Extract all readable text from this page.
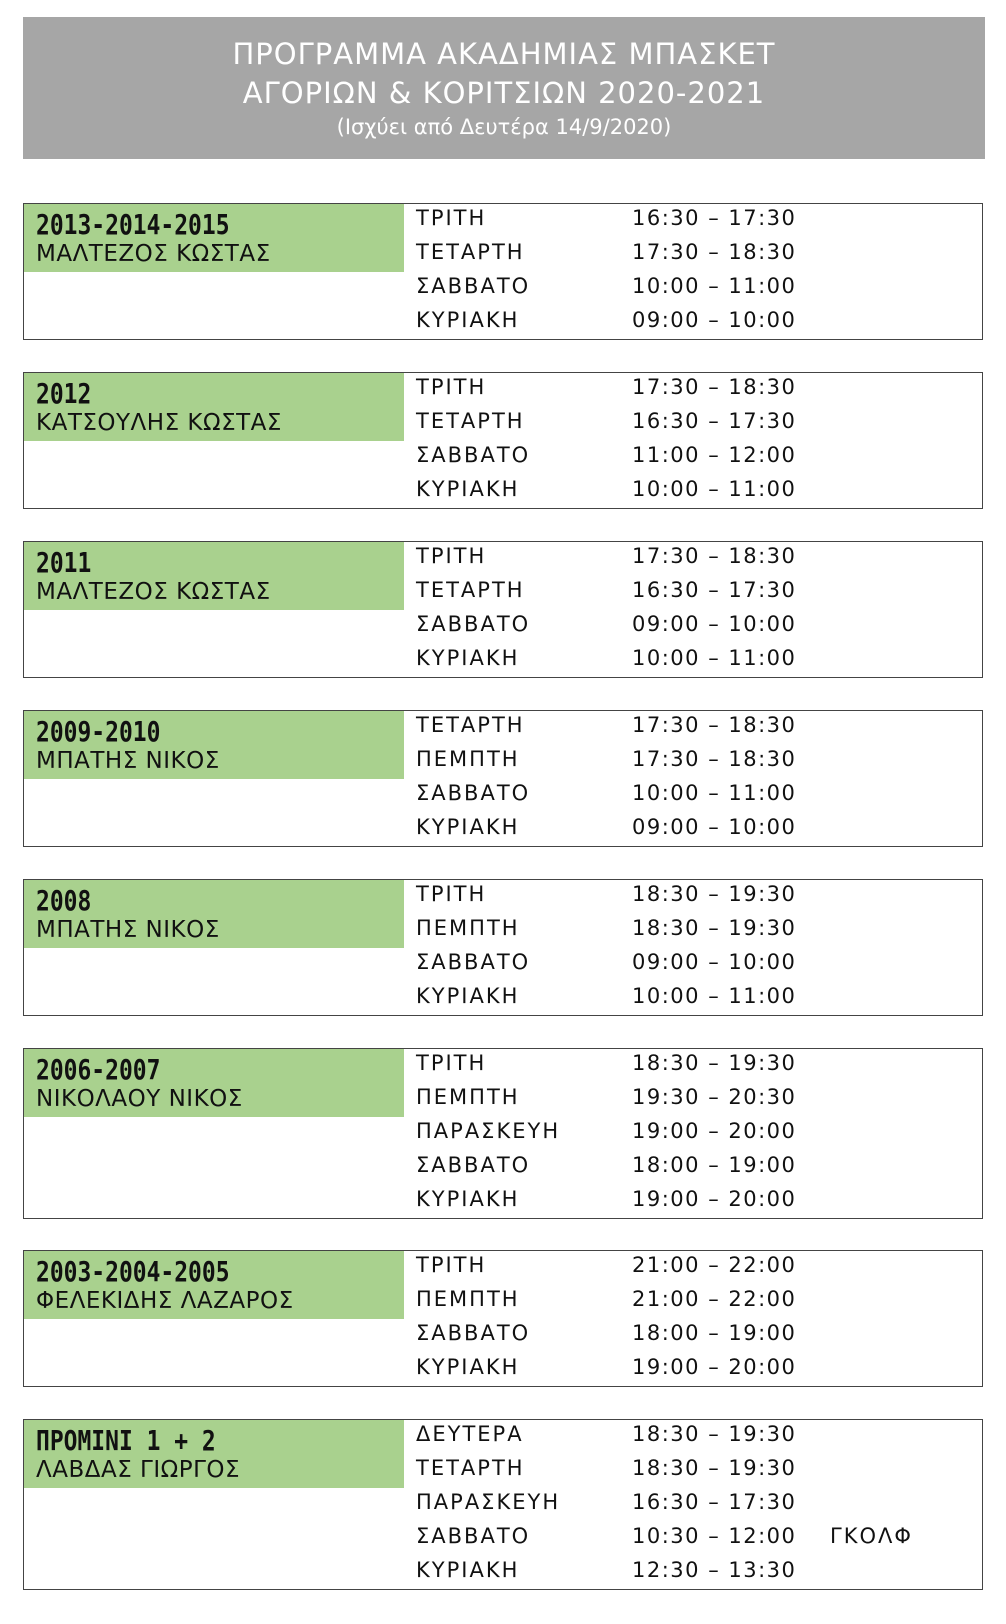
ΠΡΟΓΡΑΜΜΑ ΑΚΑΔΗΜΙΑΣ ΜΠΑΣΚΕΤ
ΑΓΟΡΙΩΝ & ΚΟΡΙΤΣΙΩΝ 2020-2021
(Ισχύει από Δευτέρα 14/9/2020)
2013-2014-2015
ΜΑΛΤΕΖΟΣ ΚΩΣΤΑΣ
ΤΡΙΤΗ	16:30 – 17:30
ΤΕΤΑΡΤΗ	17:30 – 18:30
ΣΑΒΒΑΤΟ	10:00 – 11:00
ΚΥΡΙΑΚΗ	09:00 – 10:00
2012
ΚΑΤΣΟΥΛΗΣ ΚΩΣΤΑΣ
ΤΡΙΤΗ	17:30 – 18:30
ΤΕΤΑΡΤΗ	16:30 – 17:30
ΣΑΒΒΑΤΟ	11:00 – 12:00
ΚΥΡΙΑΚΗ	10:00 – 11:00
2011
ΜΑΛΤΕΖΟΣ ΚΩΣΤΑΣ
ΤΡΙΤΗ	17:30 – 18:30
ΤΕΤΑΡΤΗ	16:30 – 17:30
ΣΑΒΒΑΤΟ	09:00 – 10:00
ΚΥΡΙΑΚΗ	10:00 – 11:00
2009-2010
ΜΠΑΤΗΣ ΝΙΚΟΣ
ΤΕΤΑΡΤΗ	17:30 – 18:30
ΠΕΜΠΤΗ	17:30 – 18:30
ΣΑΒΒΑΤΟ	10:00 – 11:00
ΚΥΡΙΑΚΗ	09:00 – 10:00
2008
ΜΠΑΤΗΣ ΝΙΚΟΣ
ΤΡΙΤΗ	18:30 – 19:30
ΠΕΜΠΤΗ	18:30 – 19:30
ΣΑΒΒΑΤΟ	09:00 – 10:00
ΚΥΡΙΑΚΗ	10:00 – 11:00
2006-2007
ΝΙΚΟΛΑΟΥ ΝΙΚΟΣ
ΤΡΙΤΗ	18:30 – 19:30
ΠΕΜΠΤΗ	19:30 – 20:30
ΠΑΡΑΣΚΕΥΗ	19:00 – 20:00
ΣΑΒΒΑΤΟ	18:00 – 19:00
ΚΥΡΙΑΚΗ	19:00 – 20:00
2003-2004-2005
ΦΕΛΕΚΙΔΗΣ ΛΑΖΑΡΟΣ
ΤΡΙΤΗ	21:00 – 22:00
ΠΕΜΠΤΗ	21:00 – 22:00
ΣΑΒΒΑΤΟ	18:00 – 19:00
ΚΥΡΙΑΚΗ	19:00 – 20:00
ΠΡΟΜΙΝΙ 1 + 2
ΛΑΒΔΑΣ ΓΙΩΡΓΟΣ
ΔΕΥΤΕΡΑ	18:30 – 19:30
ΤΕΤΑΡΤΗ	18:30 – 19:30
ΠΑΡΑΣΚΕΥΗ	16:30 – 17:30
ΣΑΒΒΑΤΟ	10:30 – 12:00 ΓΚΟΛΦ
ΚΥΡΙΑΚΗ	12:30 – 13:30
